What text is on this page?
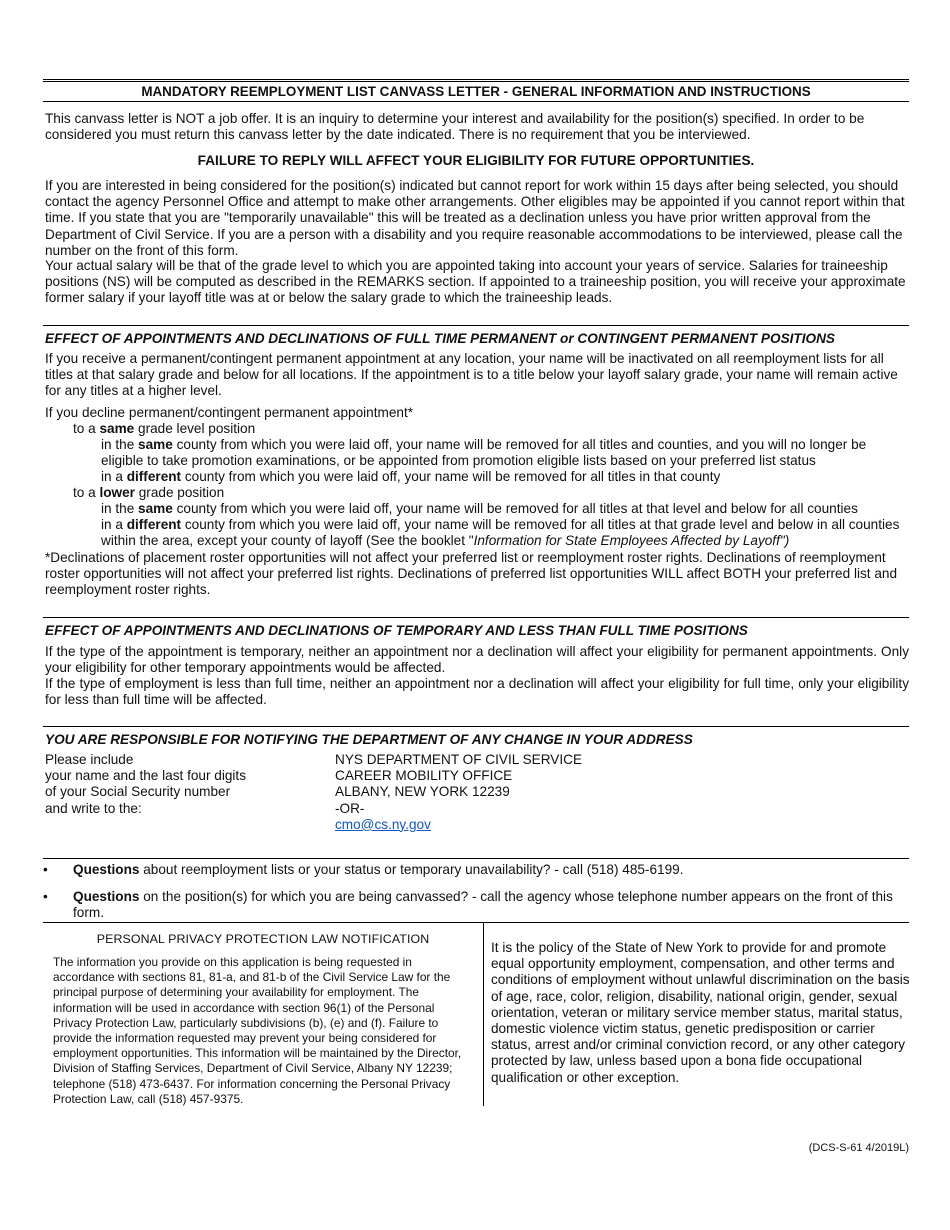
MANDATORY REEMPLOYMENT LIST CANVASS LETTER - GENERAL INFORMATION AND INSTRUCTIONS

This canvass letter is NOT a job offer. It is an inquiry to determine your interest and availability for the position(s) specified. In order to be considered you must return this canvass letter by the date indicated. There is no requirement that you be interviewed.

FAILURE TO REPLY WILL AFFECT YOUR ELIGIBILITY FOR FUTURE OPPORTUNITIES.

If you are interested in being considered for the position(s) indicated but cannot report for work within 15 days after being selected, you should contact the agency Personnel Office and attempt to make other arrangements. Other eligibles may be appointed if you cannot report within that time. If you state that you are "temporarily unavailable" this will be treated as a declination unless you have prior written approval from the Department of Civil Service. If you are a person with a disability and you require reasonable accommodations to be interviewed, please call the number on the front of this form.

Your actual salary will be that of the grade level to which you are appointed taking into account your years of service. Salaries for traineeship positions (NS) will be computed as described in the REMARKS section. If appointed to a traineeship position, you will receive your approximate former salary if your layoff title was at or below the salary grade to which the traineeship leads.

EFFECT OF APPOINTMENTS AND DECLINATIONS OF FULL TIME PERMANENT or CONTINGENT PERMANENT POSITIONS

If you receive a permanent/contingent permanent appointment at any location, your name will be inactivated on all reemployment lists for all titles at that salary grade and below for all locations. If the appointment is to a title below your layoff salary grade, your name will remain active for any titles at a higher level.

If you decline permanent/contingent permanent appointment*

to a same grade level position

in the same county from which you were laid off, your name will be removed for all titles and counties, and you will no longer be eligible to take promotion examinations, or be appointed from promotion eligible lists based on your preferred list status

in a different county from which you were laid off, your name will be removed for all titles in that county

to a lower grade position

in the same county from which you were laid off, your name will be removed for all titles at that level and below for all counties

in a different county from which you were laid off, your name will be removed for all titles at that grade level and below in all counties within the area, except your county of layoff (See the booklet "Information for State Employees Affected by Layoff")

*Declinations of placement roster opportunities will not affect your preferred list or reemployment roster rights. Declinations of reemployment roster opportunities will not affect your preferred list rights. Declinations of preferred list opportunities WILL affect BOTH your preferred list and reemployment roster rights.

EFFECT OF APPOINTMENTS AND DECLINATIONS OF TEMPORARY AND LESS THAN FULL TIME POSITIONS

If the type of the appointment is temporary, neither an appointment nor a declination will affect your eligibility for permanent appointments. Only your eligibility for other temporary appointments would be affected.

If the type of employment is less than full time, neither an appointment nor a declination will affect your eligibility for full time, only your eligibility for less than full time will be affected.

YOU ARE RESPONSIBLE FOR NOTIFYING THE DEPARTMENT OF ANY CHANGE IN YOUR ADDRESS
Please include
your name and the last four digits
of your Social Security number
and write to the:
NYS DEPARTMENT OF CIVIL SERVICE
CAREER MOBILITY OFFICE
ALBANY, NEW YORK 12239
-OR-
cmo@cs.ny.gov
• Questions about reemployment lists or your status or temporary unavailability? - call (518) 485-6199.

• Questions on the position(s) for which you are being canvassed? - call the agency whose telephone number appears on the front of this form.

PERSONAL PRIVACY PROTECTION LAW NOTIFICATION

The information you provide on this application is being requested in accordance with sections 81, 81-a, and 81-b of the Civil Service Law for the principal purpose of determining your availability for employment. The information will be used in accordance with section 96(1) of the Personal Privacy Protection Law, particularly subdivisions (b), (e) and (f). Failure to provide the information requested may prevent your being considered for employment opportunities. This information will be maintained by the Director, Division of Staffing Services, Department of Civil Service, Albany NY 12239; telephone (518) 473-6437. For information concerning the Personal Privacy Protection Law, call (518) 457-9375.

It is the policy of the State of New York to provide for and promote equal opportunity employment, compensation, and other terms and conditions of employment without unlawful discrimination on the basis of age, race, color, religion, disability, national origin, gender, sexual orientation, veteran or military service member status, marital status, domestic violence victim status, genetic predisposition or carrier status, arrest and/or criminal conviction record, or any other category protected by law, unless based upon a bona fide occupational qualification or other exception.

(DCS-S-61 4/2019L)
